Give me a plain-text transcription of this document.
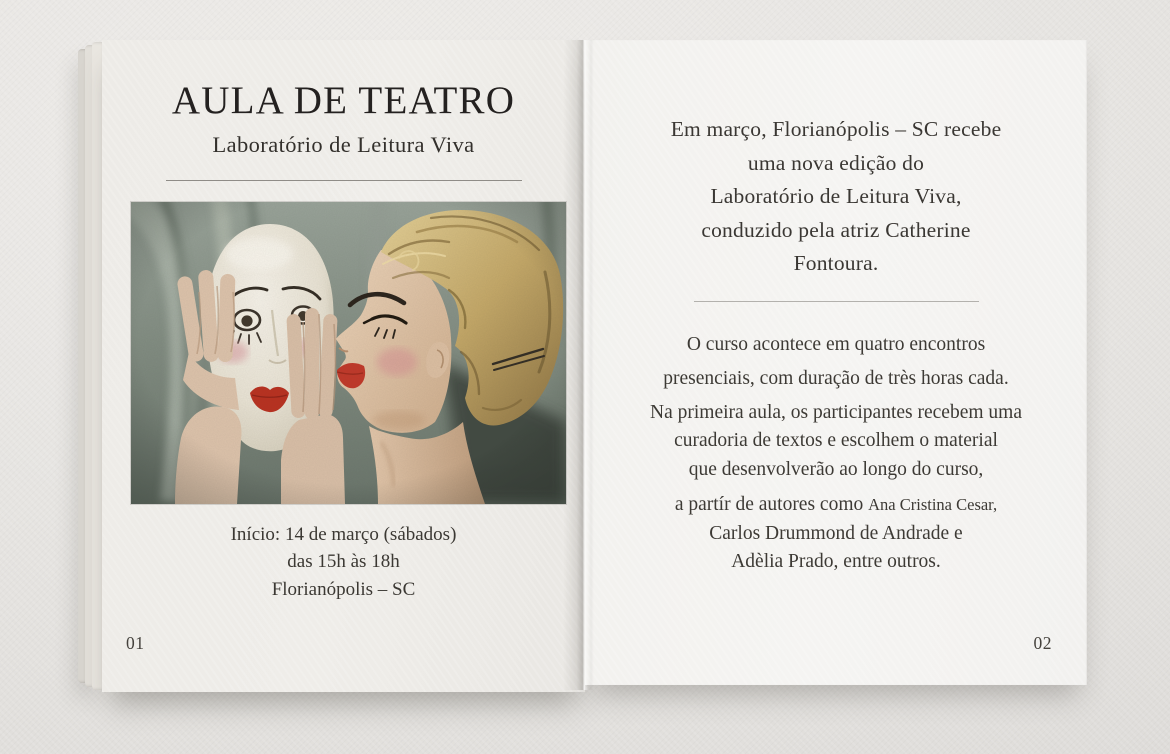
AULA DE TEATRO
Laboratório de Leitura Viva
Início: 14 de março (sábados)
das 15h às 18h
Florianópolis – SC
01
Em março, Florianópolis – SC recebe
uma nova edição do
Laboratório de Leitura Viva,
conduzido pela atriz Catherine
Fontoura.
O curso acontece em quatro encontros
presenciais, com duração de très horas cada.
Na primeira aula, os participantes recebem uma
curadoria de textos e escolhem o material
que desenvolverão ao longo do curso,
a partír de autores como Ana Cristina Cesar,
Carlos Drummond de Andrade e
Adèlia Prado, entre outros.
02
